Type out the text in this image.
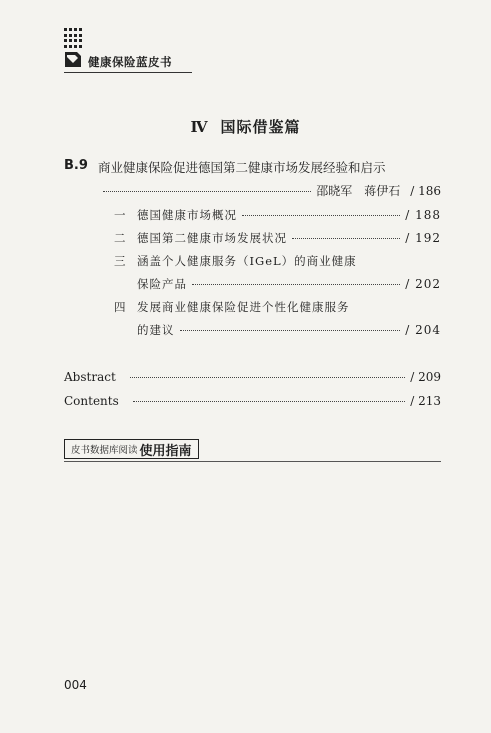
健康保险蓝皮书
Ⅳ 国际借鉴篇
B.9 商业健康保险促进德国第二健康市场发展经验和启示
邵晓军　蒋伊石 / 186
一 德国健康市场概况	/ 188
二 德国第二健康市场发展状况	/ 192
三 涵盖个人健康服务（IGeL）的商业健康
保险产品	/ 202
四 发展商业健康保险促进个性化健康服务
的建议	/ 204
Abstract	/ 209
Contents	/ 213
皮书数据库阅读 使用指南
004
